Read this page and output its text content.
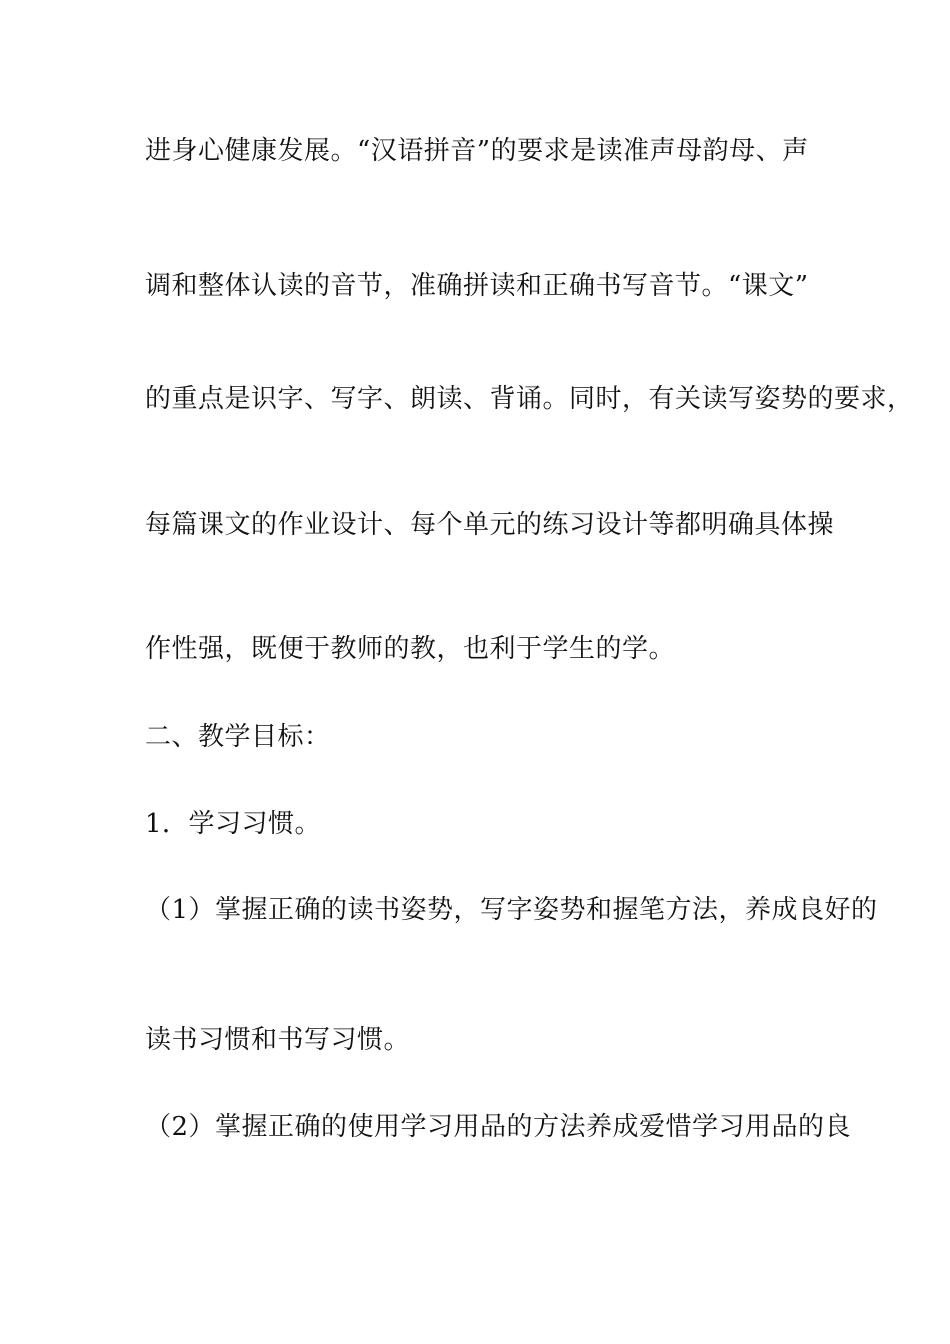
进身心健康发展。“汉语拼音”的要求是读准声母韵母、声
调和整体认读的音节，准确拼读和正确书写音节。“课文”
的重点是识字、写字、朗读、背诵。同时，有关读写姿势的要求，
每篇课文的作业设计、每个单元的练习设计等都明确具体操
作性强，既便于教师的教，也利于学生的学。
二、教学目标：
1．学习习惯。
（1）掌握正确的读书姿势，写字姿势和握笔方法，养成良好的
读书习惯和书写习惯。
（2）掌握正确的使用学习用品的方法养成爱惜学习用品的良
